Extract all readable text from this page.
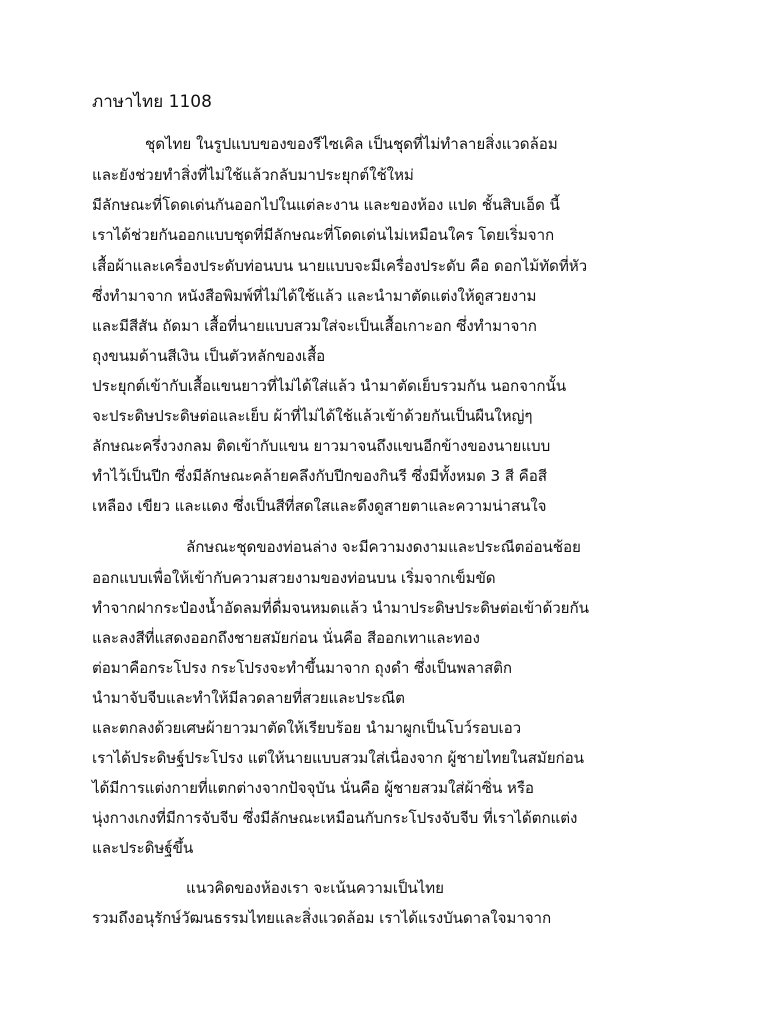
ภาษาไทย 1108
ชุดไทย ในรูปแบบของของรีไซเคิล เป็นชุดที่ไม่ทำลายสิ่งแวดล้อม
และยังช่วยทำสิ่งที่ไม่ใช้แล้วกลับมาประยุกต์ใช้ใหม่
มีลักษณะที่โดดเด่นกันออกไปในแต่ละงาน และของห้อง แปด ชั้นสิบเอ็ด นี้
เราได้ช่วยกันออกแบบชุดที่มีลักษณะที่โดดเด่นไม่เหมือนใคร โดยเริ่มจาก
เสื้อผ้าและเครื่องประดับท่อนบน นายแบบจะมีเครื่องประดับ คือ ดอกไม้ทัดที่หัว
ซึ่งทำมาจาก หนังสือพิมพ์ที่ไม่ได้ใช้แล้ว และนำมาตัดแต่งให้ดูสวยงาม
และมีสีสัน ถัดมา เสื้อที่นายแบบสวมใส่จะเป็นเสื้อเกาะอก ซึ่งทำมาจาก
ถุงขนมด้านสีเงิน เป็นตัวหลักของเสื้อ
ประยุกต์เข้ากับเสื้อแขนยาวที่ไม่ได้ใส่แล้ว นำมาตัดเย็บรวมกัน นอกจากนั้น
จะประดิษประดิษต่อและเย็บ ผ้าที่ไม่ได้ใช้แล้วเข้าด้วยกันเป็นผืนใหญ่ๆ
ลักษณะครึ่งวงกลม ติดเข้ากับแขน ยาวมาจนถึงแขนอีกข้างของนายแบบ
ทำไว้เป็นปีก ซึ่งมีลักษณะคล้ายคลึงกับปีกของกินรี ซึ่งมีทั้งหมด 3 สี คือสี
เหลือง เขียว และแดง ซึ่งเป็นสีที่สดใสและดึงดูสายตาและความน่าสนใจ
ลักษณะชุดของท่อนล่าง จะมีความงดงามและประณีตอ่อนช้อย
ออกแบบเพื่อให้เข้ากับความสวยงามของท่อนบน เริ่มจากเข็มขัด
ทำจากฝากระป๋องน้ำอัดลมที่ดื่มจนหมดแล้ว นำมาประดิษประดิษต่อเข้าด้วยกัน
และลงสีที่แสดงออกถึงชายสมัยก่อน นั่นคือ สีออกเทาและทอง
ต่อมาคือกระโปรง กระโปรงจะทำขึ้นมาจาก ถุงดำ ซึ่งเป็นพลาสติก
นำมาจับจีบและทำให้มีลวดลายที่สวยและประณีต
และตกลงด้วยเศษผ้ายาวมาตัดให้เรียบร้อย นำมาผูกเป็นโบว์รอบเอว
เราได้ประดิษฐ์ประโปรง แต่ให้นายแบบสวมใส่เนื่องจาก ผู้ชายไทยในสมัยก่อน
ได้มีการแต่งกายที่แตกต่างจากปัจจุบัน นั่นคือ ผู้ชายสวมใส่ผ้าซิ่น หรือ
นุ่งกางเกงที่มีการจับจีบ ซึ่งมีลักษณะเหมือนกับกระโปรงจับจีบ ที่เราได้ตกแต่ง
และประดิษฐ์ขึ้น
แนวคิดของห้องเรา จะเน้นความเป็นไทย
รวมถึงอนุรักษ์วัฒนธรรมไทยและสิ่งแวดล้อม เราได้แรงบันดาลใจมาจาก
